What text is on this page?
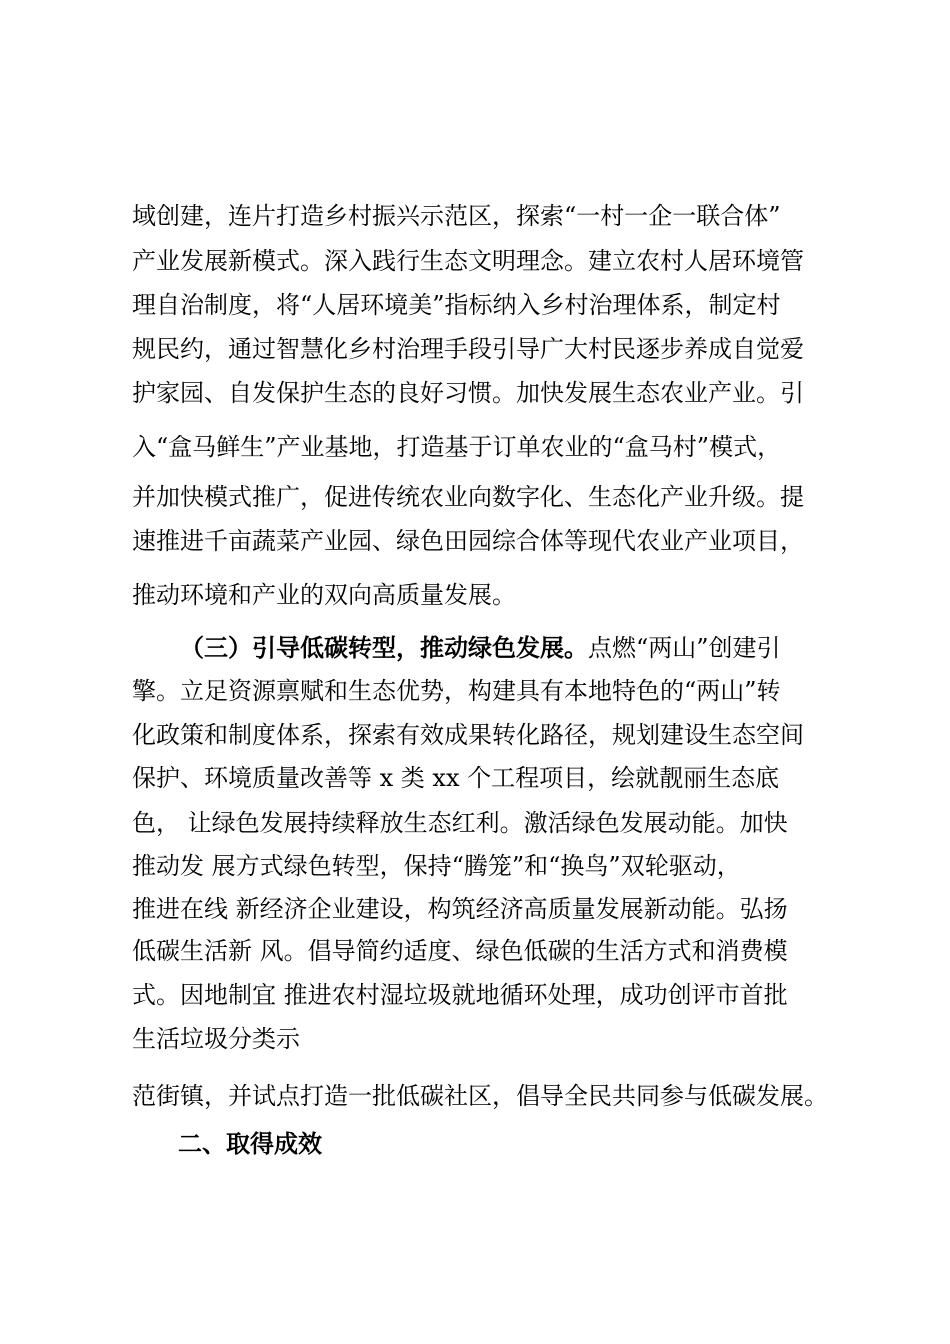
域创建，连片打造乡村振兴示范区，探索“一村一企一联合体”
产业发展新模式。深入践行生态文明理念。建立农村人居环境管
理自治制度，将“人居环境美”指标纳入乡村治理体系，制定村
规民约，通过智慧化乡村治理手段引导广大村民逐步养成自觉爱
护家园、自发保护生态的良好习惯。加快发展生态农业产业。引
入“盒马鲜生”产业基地，打造基于订单农业的“盒马村”模式，
并加快模式推广，促进传统农业向数字化、生态化产业升级。提
速推进千亩蔬菜产业园、绿色田园综合体等现代农业产业项目，
推动环境和产业的双向高质量发展。
（三）引导低碳转型，推动绿色发展。点燃“两山”创建引
擎。立足资源禀赋和生态优势，构建具有本地特色的“两山”转
化政策和制度体系，探索有效成果转化路径，规划建设生态空间
保护、环境质量改善等 x 类 xx 个工程项目，绘就靓丽生态底
色， 让绿色发展持续释放生态红利。激活绿色发展动能。加快
推动发 展方式绿色转型，保持“腾笼”和“换鸟”双轮驱动，
推进在线 新经济企业建设，构筑经济高质量发展新动能。弘扬
低碳生活新 风。倡导简约适度、绿色低碳的生活方式和消费模
式。因地制宜 推进农村湿垃圾就地循环处理，成功创评市首批
生活垃圾分类示
范街镇，并试点打造一批低碳社区，倡导全民共同参与低碳发展。
二、取得成效
